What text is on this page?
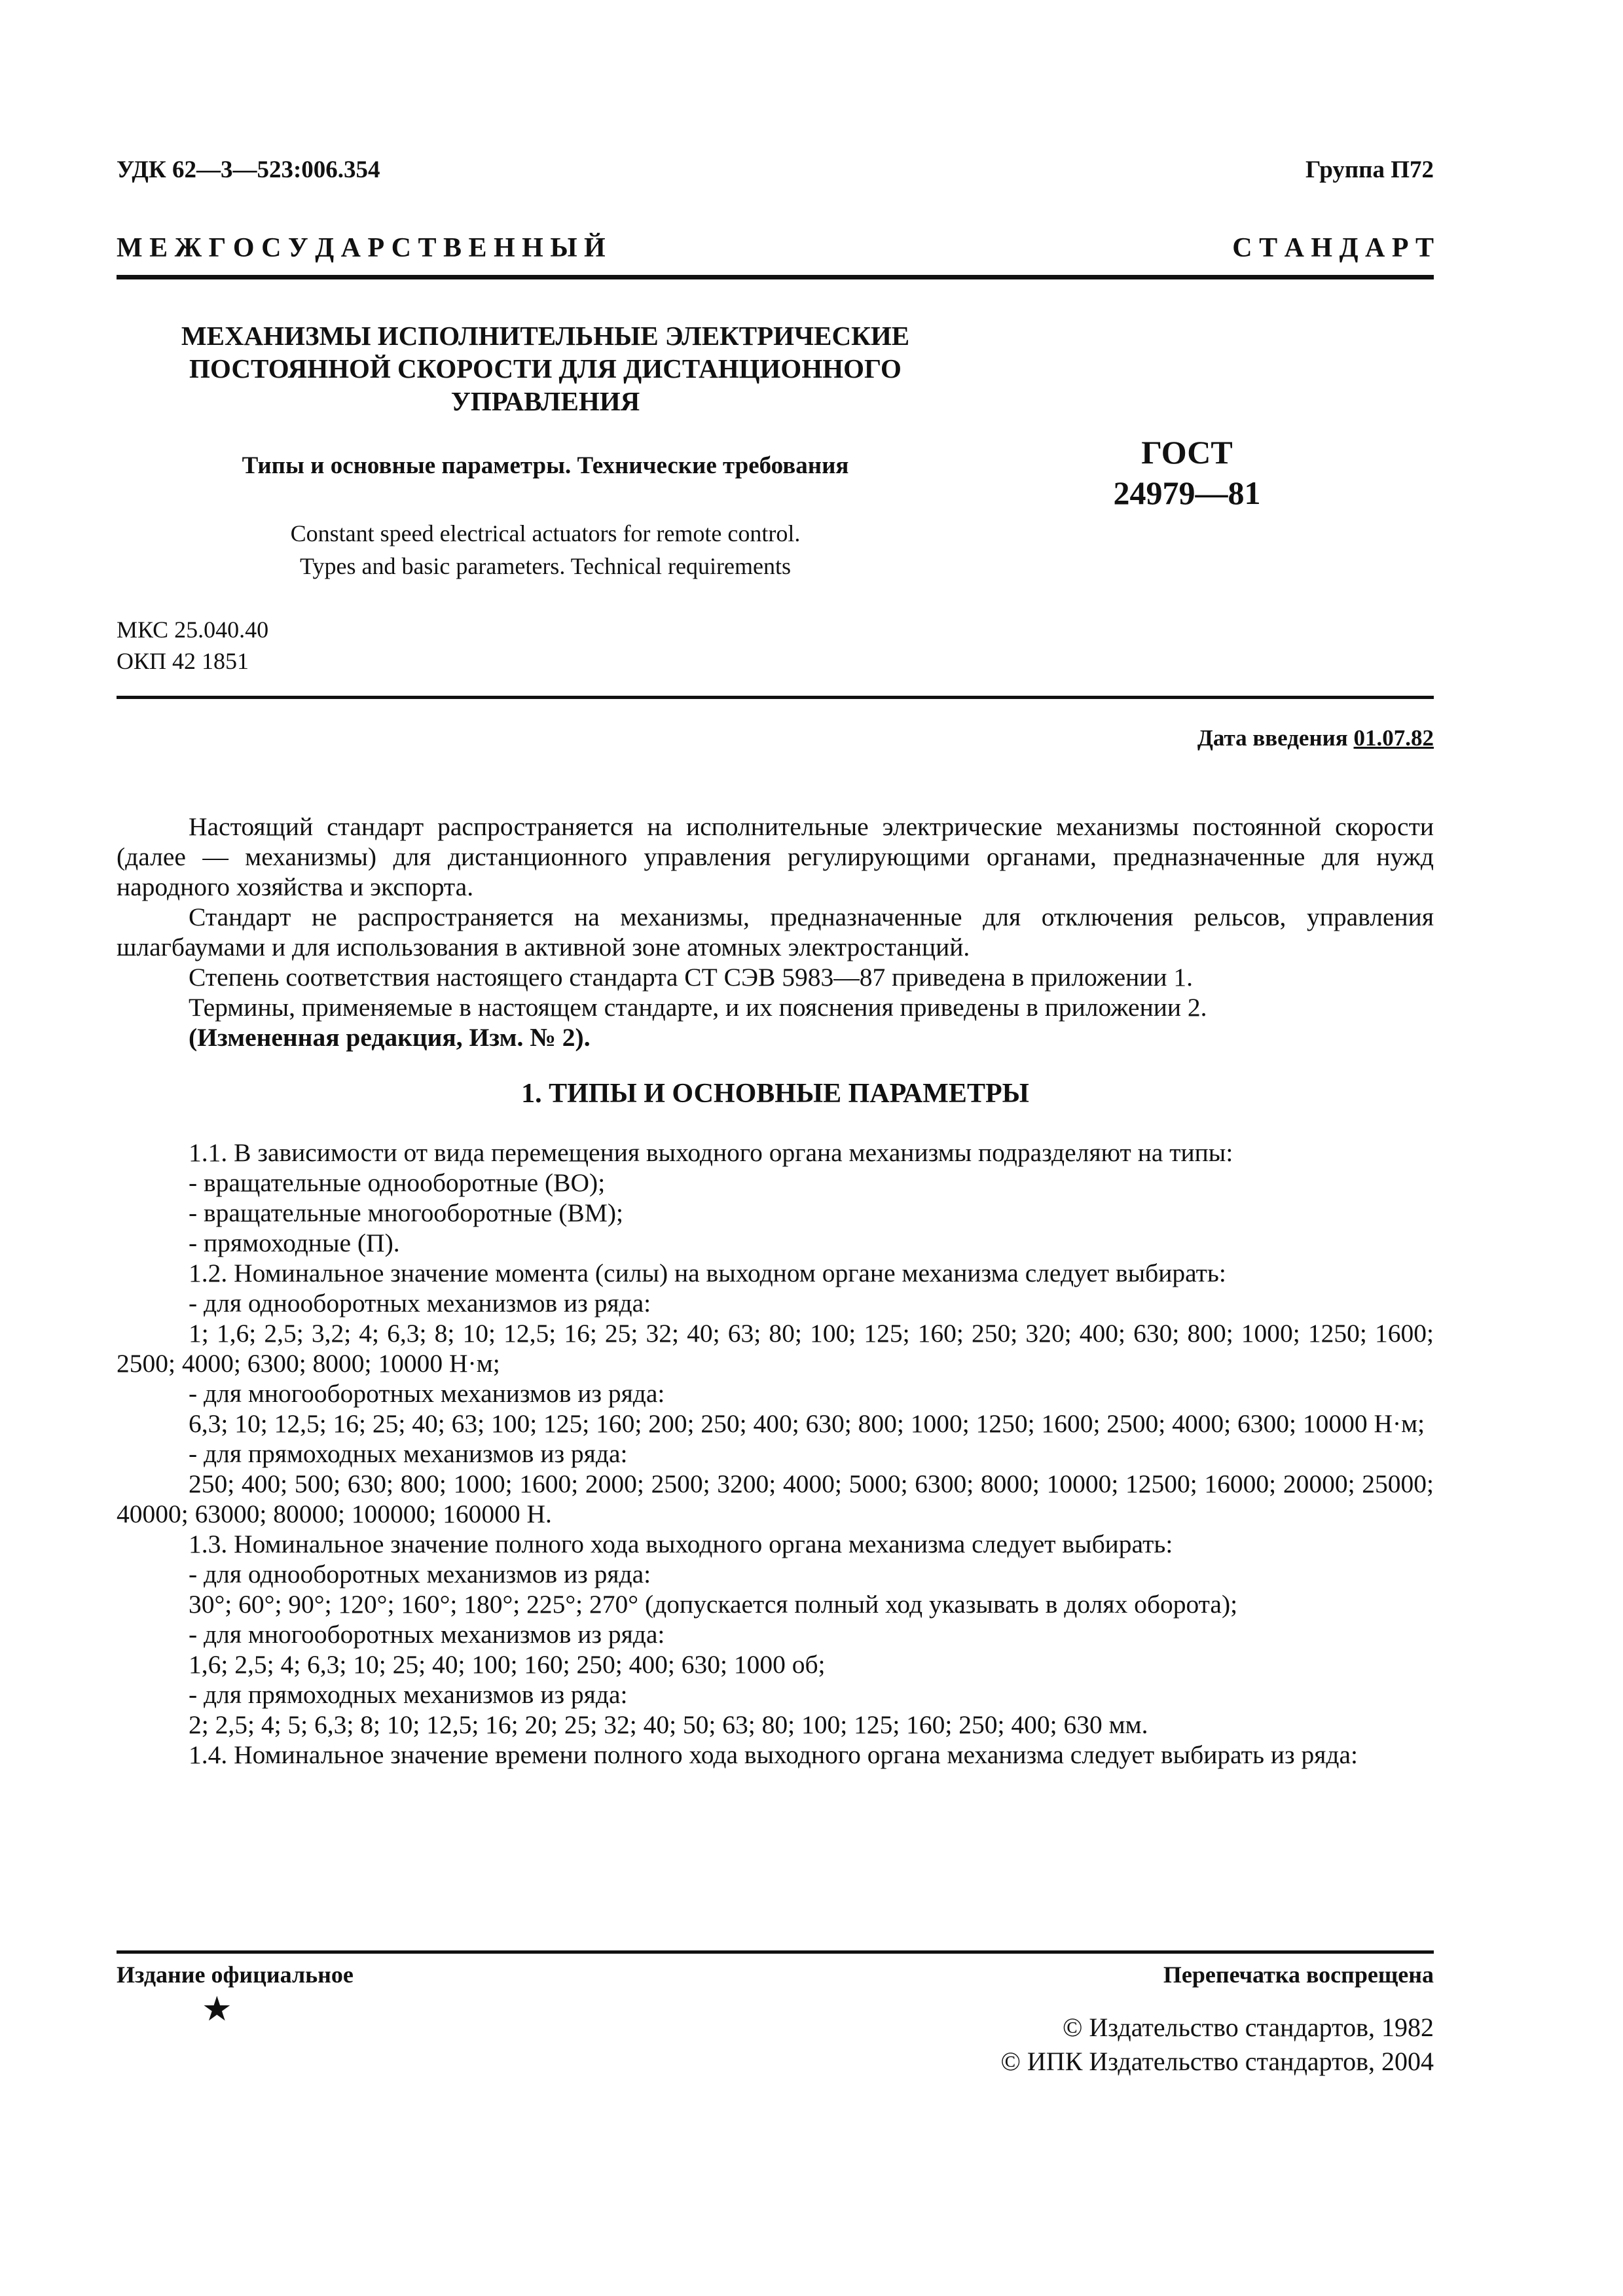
УДК 62—3—523:006.354	Группа П72
М Е Ж Г О С У Д А Р С Т В Е Н Н Ы Й	С Т А Н Д А Р Т
МЕХАНИЗМЫ ИСПОЛНИТЕЛЬНЫЕ ЭЛЕКТРИЧЕСКИЕ
ПОСТОЯННОЙ СКОРОСТИ ДЛЯ ДИСТАНЦИОННОГО
УПРАВЛЕНИЯ
Типы и основные параметры. Технические требования	ГОСТ
24979—81
Constant speed electrical actuators for remote control.
Types and basic parameters. Technical requirements
МКС 25.040.40
ОКП 42 1851
Дата введения 01.07.82

Настоящий стандарт распространяется на исполнительные электрические механизмы постоянной скорости (далее — механизмы) для дистанционного управления регулирующими органами, предназначенные для нужд народного хозяйства и экспорта.

Стандарт не распространяется на механизмы, предназначенные для отключения рельсов, управления шлагбаумами и для использования в активной зоне атомных электростанций.

Степень соответствия настоящего стандарта СТ СЭВ 5983—87 приведена в приложении 1.

Термины, применяемые в настоящем стандарте, и их пояснения приведены в приложении 2.

(Измененная редакция, Изм. № 2).

1. ТИПЫ И ОСНОВНЫЕ ПАРАМЕТРЫ

1.1. В зависимости от вида перемещения выходного органа механизмы подразделяют на типы:

- вращательные однооборотные (ВО);

- вращательные многооборотные (ВМ);

- прямоходные (П).

1.2. Номинальное значение момента (силы) на выходном органе механизма следует выбирать:

- для однооборотных механизмов из ряда:

1; 1,6; 2,5; 3,2; 4; 6,3; 8; 10; 12,5; 16; 25; 32; 40; 63; 80; 100; 125; 160; 250; 320; 400; 630; 800; 1000; 1250; 1600; 2500; 4000; 6300; 8000; 10000 Н·м;

- для многооборотных механизмов из ряда:

6,3; 10; 12,5; 16; 25; 40; 63; 100; 125; 160; 200; 250; 400; 630; 800; 1000; 1250; 1600; 2500; 4000; 6300; 10000 Н·м;

- для прямоходных механизмов из ряда:

250; 400; 500; 630; 800; 1000; 1600; 2000; 2500; 3200; 4000; 5000; 6300; 8000; 10000; 12500; 16000; 20000; 25000; 40000; 63000; 80000; 100000; 160000 Н.

1.3. Номинальное значение полного хода выходного органа механизма следует выбирать:

- для однооборотных механизмов из ряда:

30°; 60°; 90°; 120°; 160°; 180°; 225°; 270° (допускается полный ход указывать в долях оборота);

- для многооборотных механизмов из ряда:

1,6; 2,5; 4; 6,3; 10; 25; 40; 100; 160; 250; 400; 630; 1000 об;

- для прямоходных механизмов из ряда:

2; 2,5; 4; 5; 6,3; 8; 10; 12,5; 16; 20; 25; 32; 40; 50; 63; 80; 100; 125; 160; 250; 400; 630 мм.

1.4. Номинальное значение времени полного хода выходного органа механизма следует выбирать из ряда:

Издание официальное	Перепечатка воспрещена
★	© Издательство стандартов, 1982
© ИПК Издательство стандартов, 2004
